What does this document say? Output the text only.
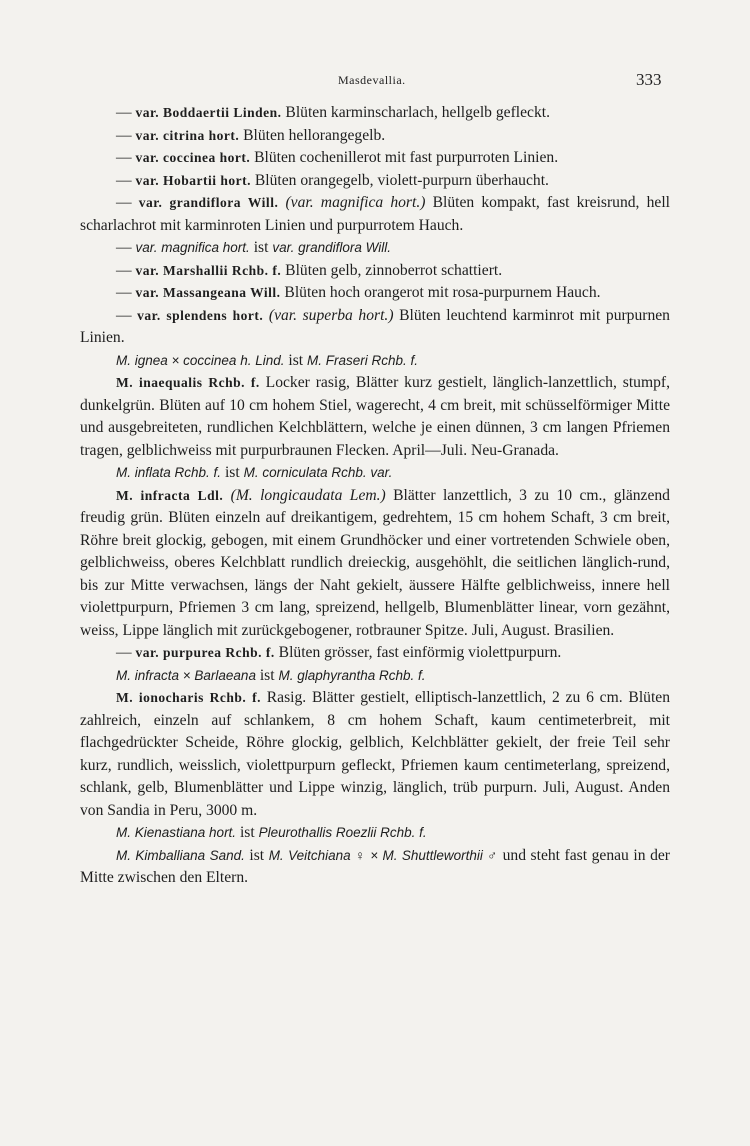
Masdevallia.	333

— var. Boddaertii Linden. Blüten karminscharlach, hellgelb gefleckt.

— var. citrina hort. Blüten hellorangegelb.

— var. coccinea hort. Blüten cochenillerot mit fast purpurroten Linien.

— var. Hobartii hort. Blüten orangegelb, violett-purpurn überhaucht.

— var. grandiflora Will. (var. magnifica hort.) Blüten kompakt, fast kreisrund, hell scharlachrot mit karminroten Linien und purpurrotem Hauch.

— var. magnifica hort. ist var. grandiflora Will.

— var. Marshallii Rchb. f. Blüten gelb, zinnoberrot schattiert.

— var. Massangeana Will. Blüten hoch orangerot mit rosa-purpurnem Hauch.

— var. splendens hort. (var. superba hort.) Blüten leuchtend karminrot mit purpurnen Linien.

M. ignea × coccinea h. Lind. ist M. Fraseri Rchb. f.

M. inaequalis Rchb. f. Locker rasig, Blätter kurz gestielt, länglich-lanzettlich, stumpf, dunkelgrün. Blüten auf 10 cm hohem Stiel, wagerecht, 4 cm breit, mit schüsselförmiger Mitte und ausgebreiteten, rundlichen Kelchblättern, welche je einen dünnen, 3 cm langen Pfriemen tragen, gelblichweiss mit purpurbraunen Flecken. April—Juli. Neu-Granada.

M. inflata Rchb. f. ist M. corniculata Rchb. var.

M. infracta Ldl. (M. longicaudata Lem.) Blätter lanzettlich, 3 zu 10 cm., glänzend freudig grün. Blüten einzeln auf dreikantigem, gedrehtem, 15 cm hohem Schaft, 3 cm breit, Röhre breit glockig, gebogen, mit einem Grundhöcker und einer vortretenden Schwiele oben, gelblichweiss, oberes Kelchblatt rundlich dreieckig, ausgehöhlt, die seitlichen länglich-rund, bis zur Mitte verwachsen, längs der Naht gekielt, äussere Hälfte gelblichweiss, innere hell violettpurpurn, Pfriemen 3 cm lang, spreizend, hellgelb, Blumenblätter linear, vorn gezähnt, weiss, Lippe länglich mit zurückgebogener, rotbrauner Spitze. Juli, August. Brasilien.

— var. purpurea Rchb. f. Blüten grösser, fast einförmig violettpurpurn.

M. infracta × Barlaeana ist M. glaphyrantha Rchb. f.

M. ionocharis Rchb. f. Rasig. Blätter gestielt, elliptisch-lanzettlich, 2 zu 6 cm. Blüten zahlreich, einzeln auf schlankem, 8 cm hohem Schaft, kaum centimeterbreit, mit flachgedrückter Scheide, Röhre glockig, gelblich, Kelchblätter gekielt, der freie Teil sehr kurz, rundlich, weisslich, violettpurpurn gefleckt, Pfriemen kaum centimeterlang, spreizend, schlank, gelb, Blumenblätter und Lippe winzig, länglich, trüb purpurn. Juli, August. Anden von Sandia in Peru, 3000 m.

M. Kienastiana hort. ist Pleurothallis Roezlii Rchb. f.

M. Kimballiana Sand. ist M. Veitchiana ♀ × M. Shuttleworthii ♂ und steht fast genau in der Mitte zwischen den Eltern.
